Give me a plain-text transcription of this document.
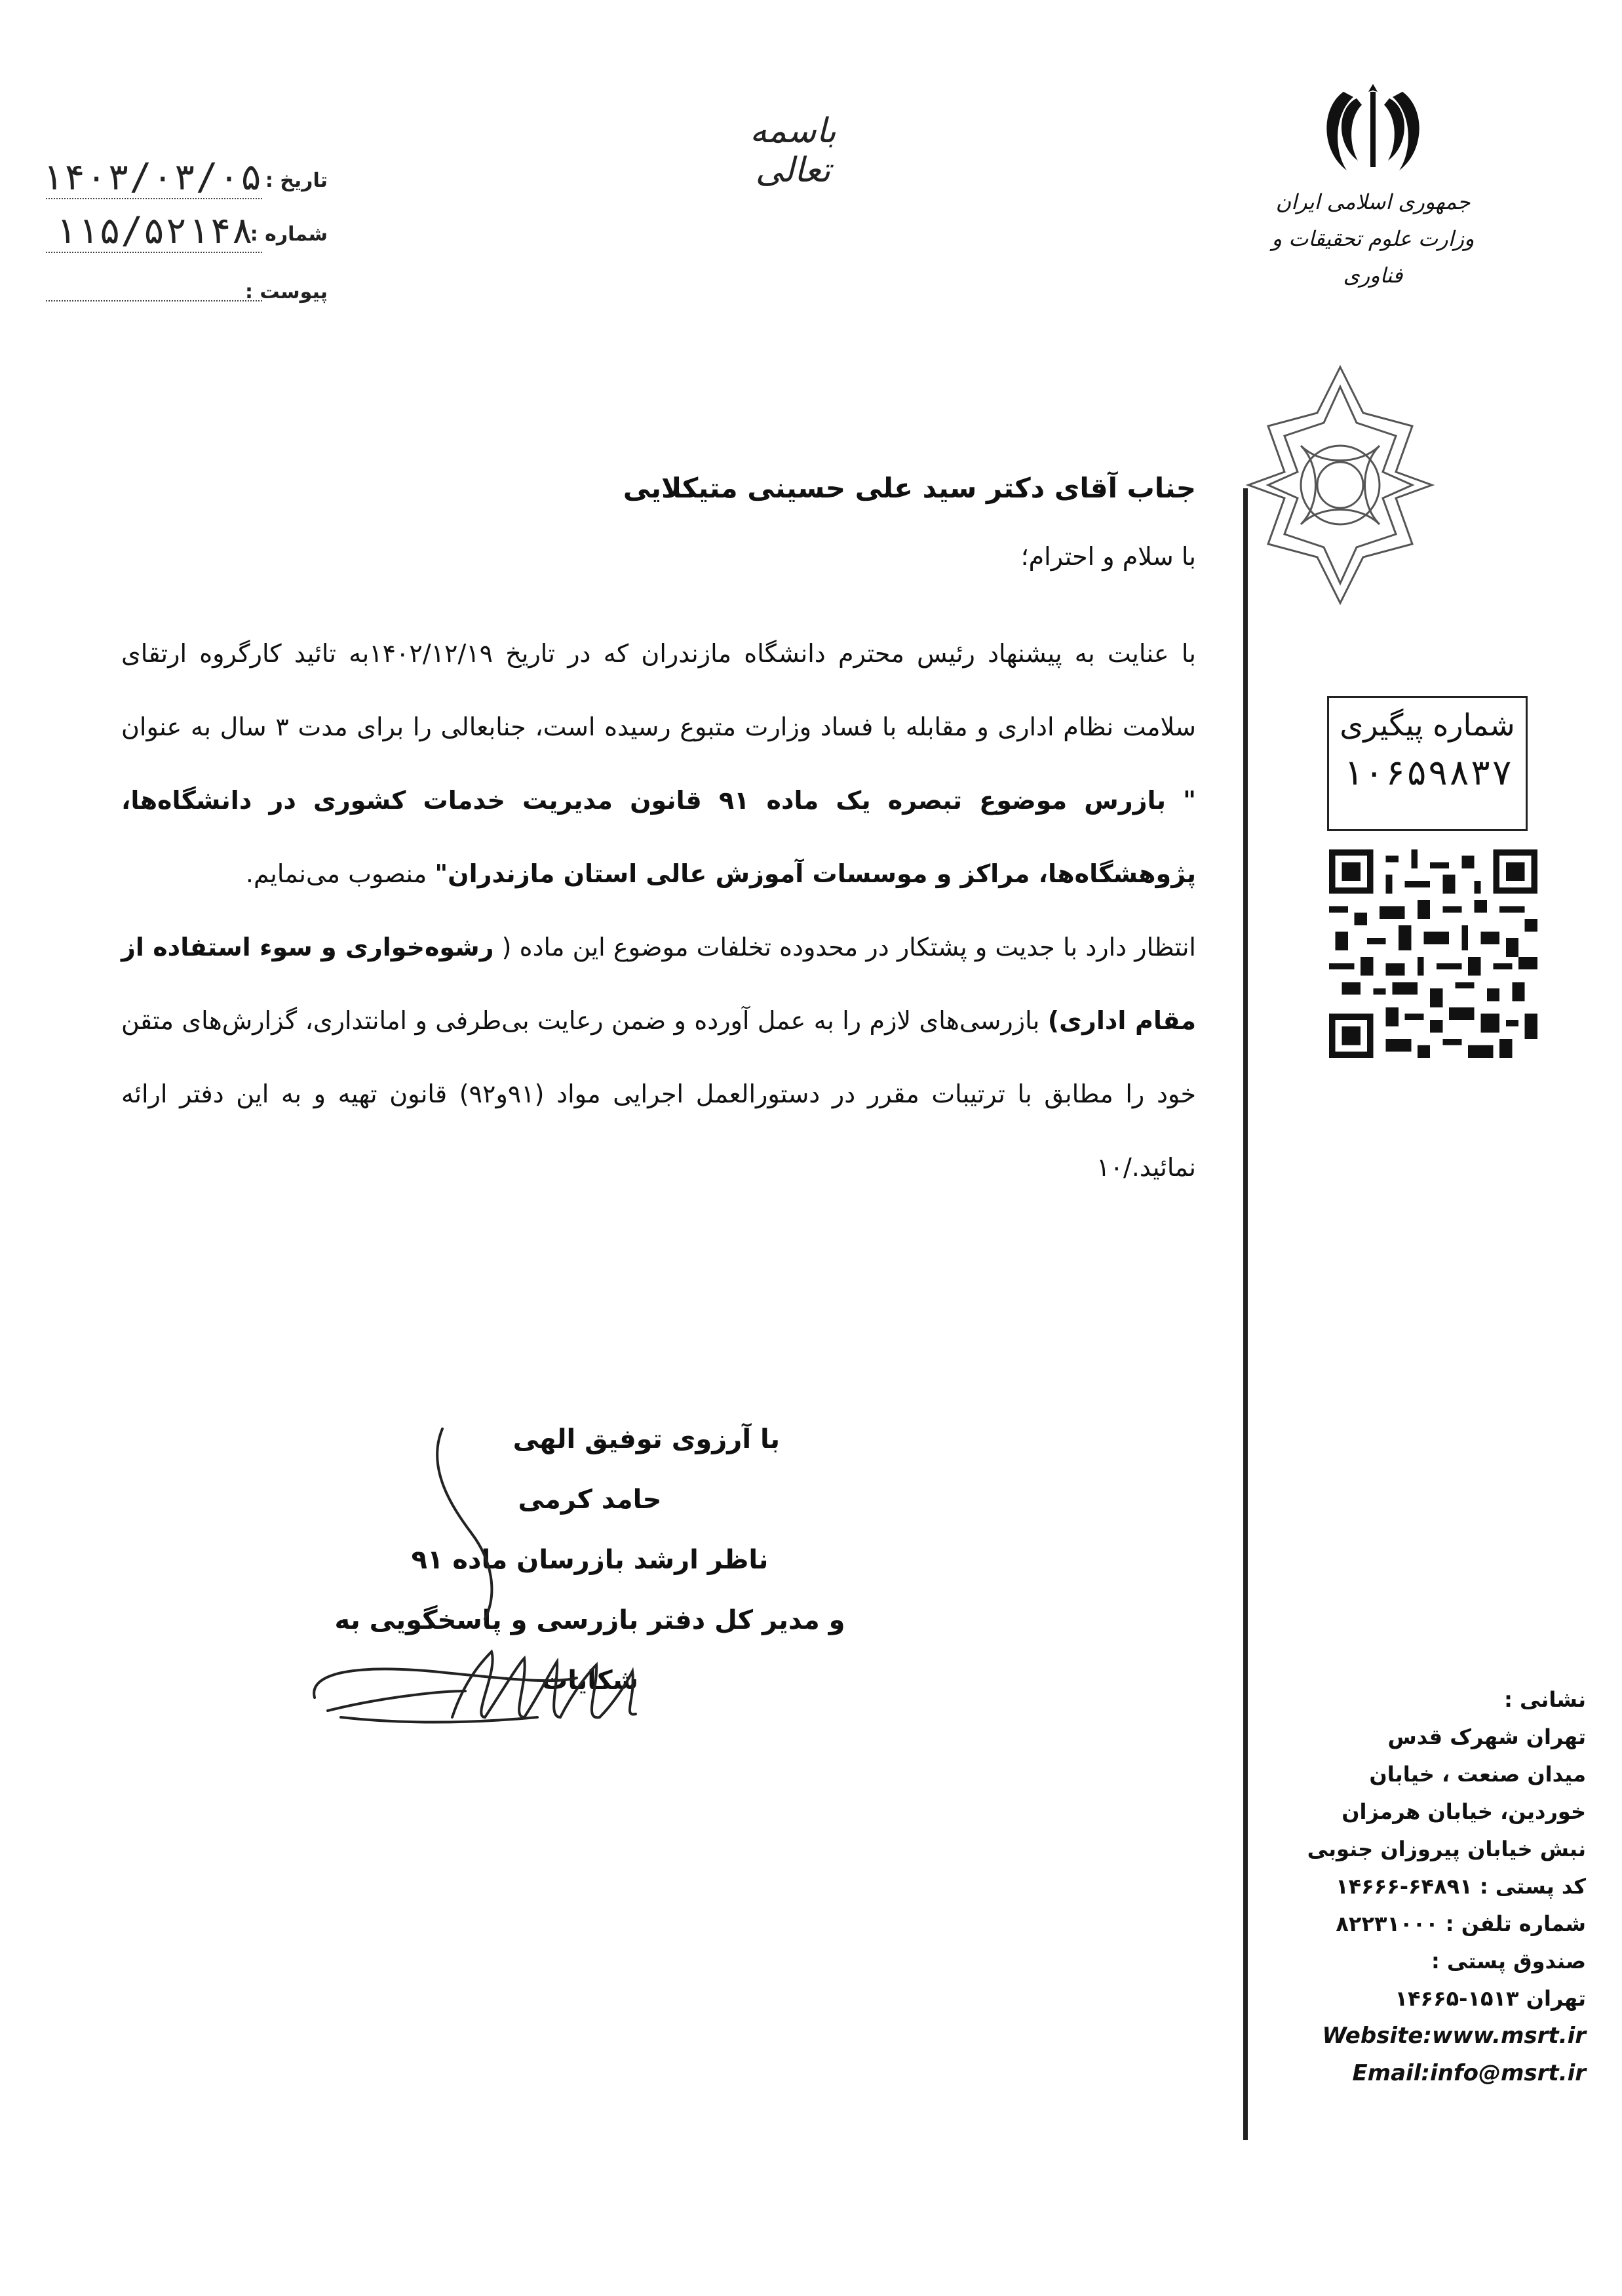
باسمه تعالی
تاریخ :
۱۴۰۳/۰۳/۰۵
شماره :
۱۱۵/۵۲۱۴۸
پیوست :
جمهوری اسلامی ایران
وزارت علوم تحقیقات و فناوری
جناب آقای دکتر سید علی حسینی متیکلایی
با سلام و احترام؛
با عنایت به پیشنهاد رئیس محترم دانشگاه مازندران که در تاریخ ۱۴۰۲/۱۲/۱۹به تائید کارگروه ارتقای سلامت نظام اداری و مقابله با فساد وزارت متبوع رسیده است، جنابعالی را برای مدت ۳ سال به عنوان " بازرس موضوع تبصره یک ماده ۹۱ قانون مدیریت خدمات کشوری در دانشگاه‌ها، پژوهشگاه‌ها، مراکز و موسسات آموزش عالی استان مازندران" منصوب می‌نمایم.
انتظار دارد با جدیت و پشتکار در محدوده تخلفات موضوع این ماده ( رشوه‌خواری و سوء استفاده از مقام اداری) بازرسی‌های لازم را به عمل آورده و ضمن رعایت بی‌طرفی و امانتداری، گزارش‌های متقن خود را مطابق با ترتیبات مقرر در دستورالعمل اجرایی مواد (۹۱و۹۲) قانون تهیه و به این دفتر ارائه نمائید./۱۰
شماره پیگیری
۱۰۶۵۹۸۳۷
با آرزوی توفیق الهی
حامد کرمی
ناظر ارشد بازرسان ماده ۹۱
و مدیر کل دفتر بازرسی و پاسخگویی به شکایات
نشانی :
تهران شهرک قدس
میدان صنعت ، خیابان
خوردین، خیابان هرمزان
نبش خیابان پیروزان جنوبی
کد پستی : ۶۴۸۹۱-۱۴۶۶۶
شماره تلفن : ۸۲۲۳۱۰۰۰
صندوق پستی :
تهران ۱۵۱۳-۱۴۶۶۵
Website:www.msrt.ir
Email:info@msrt.ir
